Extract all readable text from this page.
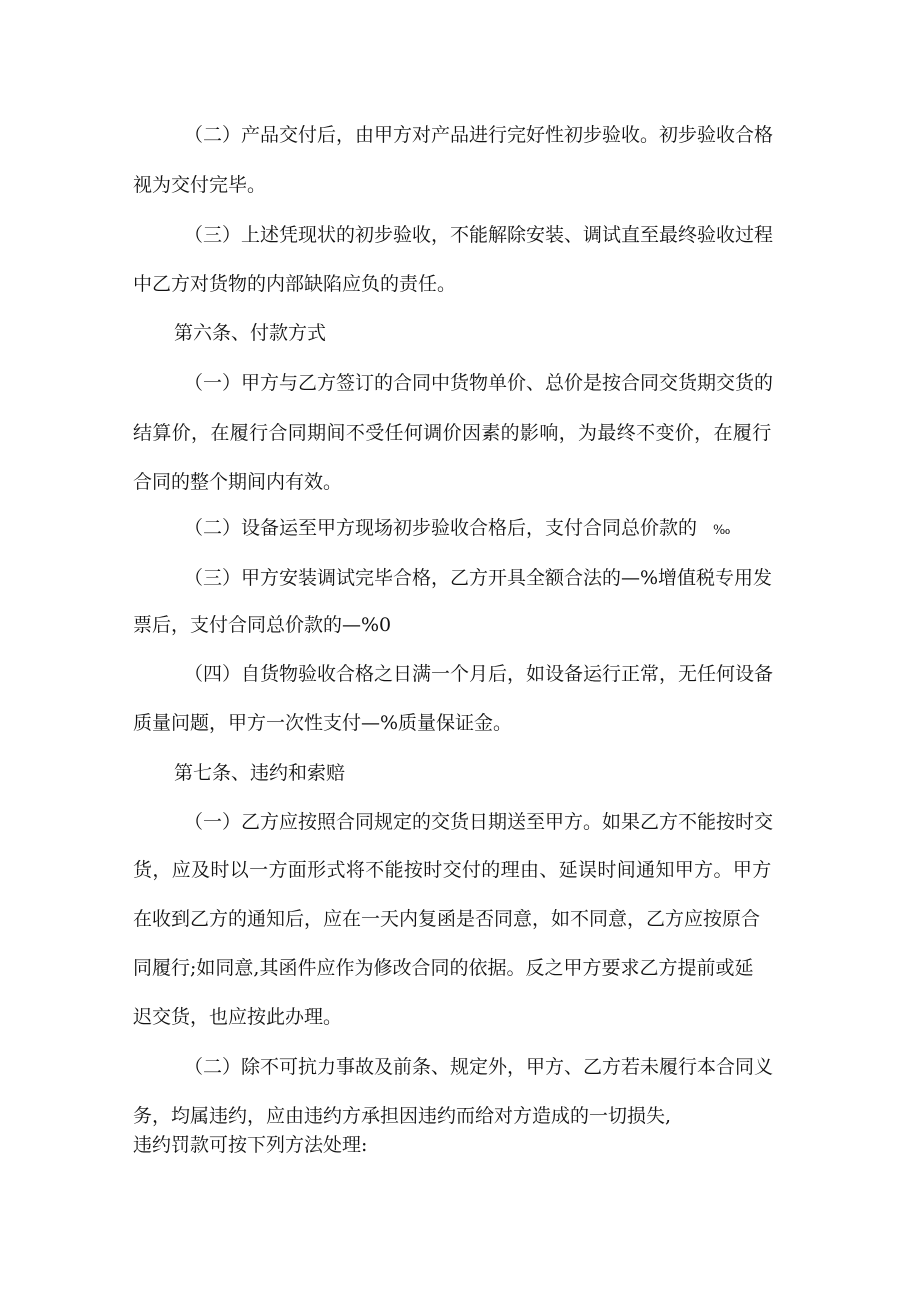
（二）产品交付后，由甲方对产品进行完好性初步验收。初步验收合格
视为交付完毕。
（三）上述凭现状的初步验收，不能解除安装、调试直至最终验收过程
中乙方对货物的内部缺陷应负的责任。
第六条、付款方式
（一）甲方与乙方签订的合同中货物单价、总价是按合同交货期交货的
结算价，在履行合同期间不受任何调价因素的影响，为最终不变价，在履行
合同的整个期间内有效。
（二）设备运至甲方现场初步验收合格后，支付合同总价款的 ‰
（三）甲方安装调试完毕合格，乙方开具全额合法的—%增值税专用发
票后，支付合同总价款的—%0
（四）自货物验收合格之日满一个月后，如设备运行正常，无任何设备
质量问题，甲方一次性支付—%质量保证金。
第七条、违约和索赔
（一）乙方应按照合同规定的交货日期送至甲方。如果乙方不能按时交
货，应及时以一方面形式将不能按时交付的理由、延误时间通知甲方。甲方
在收到乙方的通知后，应在一天内复函是否同意，如不同意，乙方应按原合
同履行;如同意,其函件应作为修改合同的依据。反之甲方要求乙方提前或延
迟交货，也应按此办理。
（二）除不可抗力事故及前条、规定外，甲方、乙方若未履行本合同义
务，均属违约，应由违约方承担因违约而给对方造成的一切损失,
违约罚款可按下列方法处理:
